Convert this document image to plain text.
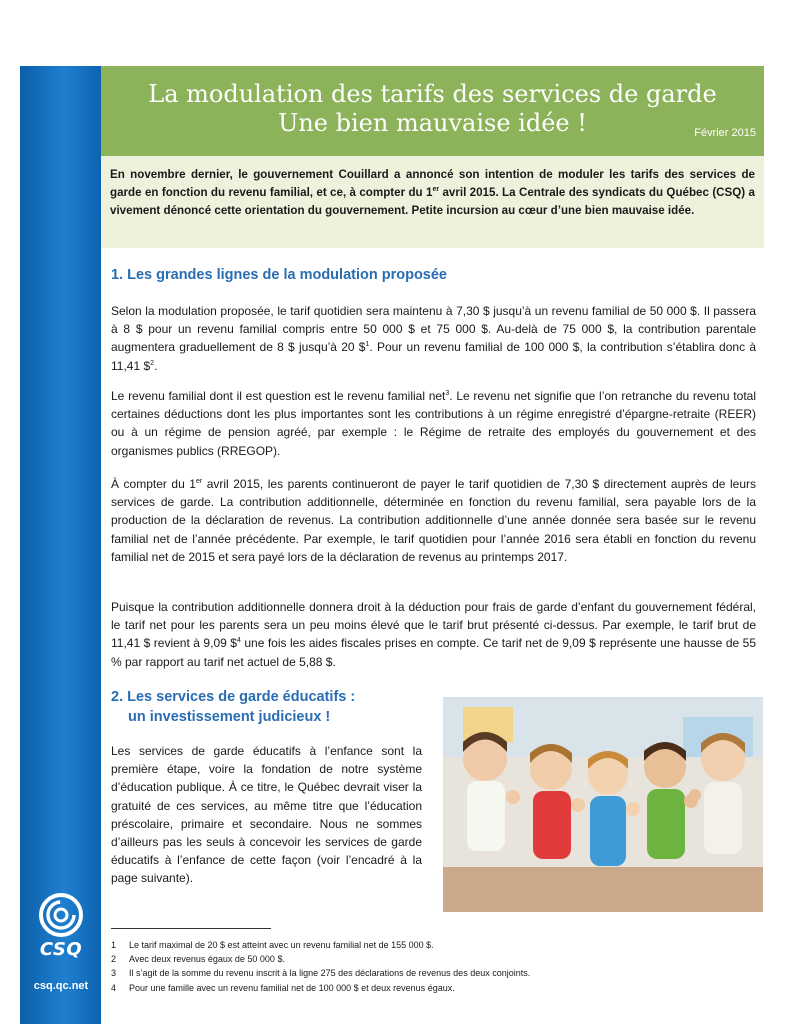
CSQ
csq.qc.net
La modulation des tarifs des services de garde
Une bien mauvaise idée !	Février 2015

En novembre dernier, le gouvernement Couillard a annoncé son intention de moduler les tarifs des services de garde en fonction du revenu familial, et ce, à compter du 1er avril 2015. La Centrale des syndicats du Québec (CSQ) a vivement dénoncé cette orientation du gouvernement. Petite incursion au cœur d’une bien mauvaise idée.

1. Les grandes lignes de la modulation proposée

Selon la modulation proposée, le tarif quotidien sera maintenu à 7,30 $ jusqu’à un revenu familial de 50 000 $. Il passera à 8 $ pour un revenu familial compris entre 50 000 $ et 75 000 $. Au-delà de 75 000 $, la contribution parentale augmentera graduellement de 8 $ jusqu’à 20 \$$^1$. Pour un revenu familial de 100 000 $, la contribution s’établira donc à 11,41 \$$^2$.

Le revenu familial dont il est question est le revenu familial net$^3$. Le revenu net signifie que l’on retranche du revenu total certaines déductions dont les plus importantes sont les contributions à un régime enregistré d’épargne-retraite (REER) ou à un régime de pension agréé, par exemple : le Régime de retraite des employés du gouvernement et des organismes publics (RREGOP).

À compter du 1er avril 2015, les parents continueront de payer le tarif quotidien de 7,30 $ directement auprès de leurs services de garde. La contribution additionnelle, déterminée en fonction du revenu familial, sera payable lors de la production de la déclaration de revenus. La contribution additionnelle d’une année donnée sera basée sur le revenu familial net de l’année précédente. Par exemple, le tarif quotidien pour l’année 2016 sera établi en fonction du revenu familial net de 2015 et sera payé lors de la déclaration de revenus au printemps 2017.

Puisque la contribution additionnelle donnera droit à la déduction pour frais de garde d’enfant du gouvernement fédéral, le tarif net pour les parents sera un peu moins élevé que le tarif brut présenté ci-dessus. Par exemple, le tarif brut de 11,41 $ revient à 9,09 \$$^4$ une fois les aides fiscales prises en compte. Ce tarif net de 9,09 $ représente une hausse de 55 % par rapport au tarif net actuel de 5,88 $.

2. Les services de garde éducatifs :
un investissement judicieux !

Les services de garde éducatifs à l’enfance sont la première étape, voire la fondation de notre système d’éducation publique. À ce titre, le Québec devrait viser la gratuité de ces services, au même titre que l’éducation préscolaire, primaire et secondaire. Nous ne sommes d’ailleurs pas les seuls à concevoir les services de garde éducatifs à l’enfance de cette façon (voir l’encadré à la page suivante).

1	Le tarif maximal de 20 $ est atteint avec un revenu familial net de 155 000 $.
2	Avec deux revenus égaux de 50 000 $.
3	Il s’agit de la somme du revenu inscrit à la ligne 275 des déclarations de revenus des deux conjoints.
4	Pour une famille avec un revenu familial net de 100 000 $ et deux revenus égaux.
